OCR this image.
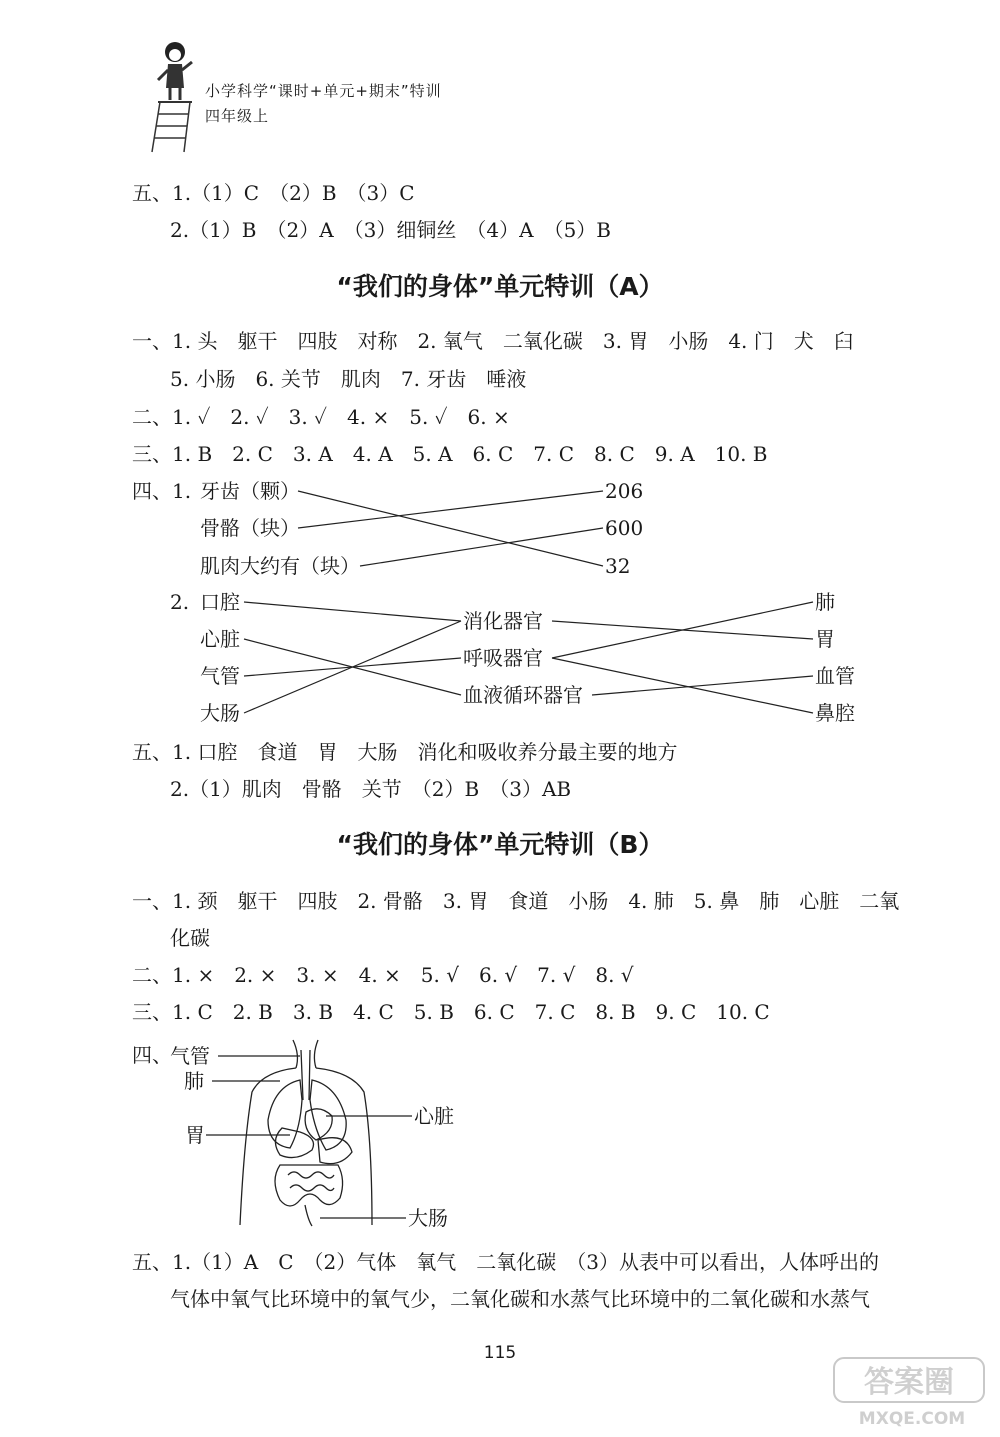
小学科学“课时+单元+期末”特训
四年级上
五、1.（1）C　（2）B　（3）C
2.（1）B　（2）A　（3）细铜丝　（4）A　（5）B
“我们的身体”单元特训（A）
一、1. 头　躯干　四肢　对称　2. 氧气　二氧化碳　3. 胃　小肠　4. 门　犬　臼
5. 小肠　6. 关节　肌肉　7. 牙齿　唾液
二、1. ✓　2. ✓　3. ✓　4. ×　5. ✓　6. ×
三、1. B　2. C　3. A　4. A　5. A　6. C　7. C　8. C　9. A　10. B
四、1. 牙齿（颗）
骨骼（块）
肌肉大约有（块）
206
600
32
2. 口腔
心脏
气管
大肠
消化器官
呼吸器官
血液循环器官
肺
胃
血管
鼻腔
五、1. 口腔　食道　胃　大肠　消化和吸收养分最主要的地方
2.（1）肌肉　骨骼　关节　（2）B　（3）AB
“我们的身体”单元特训（B）
一、1. 颈　躯干　四肢　2. 骨骼　3. 胃　食道　小肠　4. 肺　5. 鼻　肺　心脏　二氧
化碳
二、1. ×　2. ×　3. ×　4. ×　5. √　6. √　7. √　8. √
三、1. C　2. B　3. B　4. C　5. B　6. C　7. C　8. B　9. C　10. C
四、
气管
肺
心脏
胃
大肠
五、1.（1）A　C　（2）气体　氧气　二氧化碳　（3）从表中可以看出，人体呼出的
气体中氧气比环境中的氧气少，二氧化碳和水蒸气比环境中的二氧化碳和水蒸气
115
答案圈
MXQE.COM
